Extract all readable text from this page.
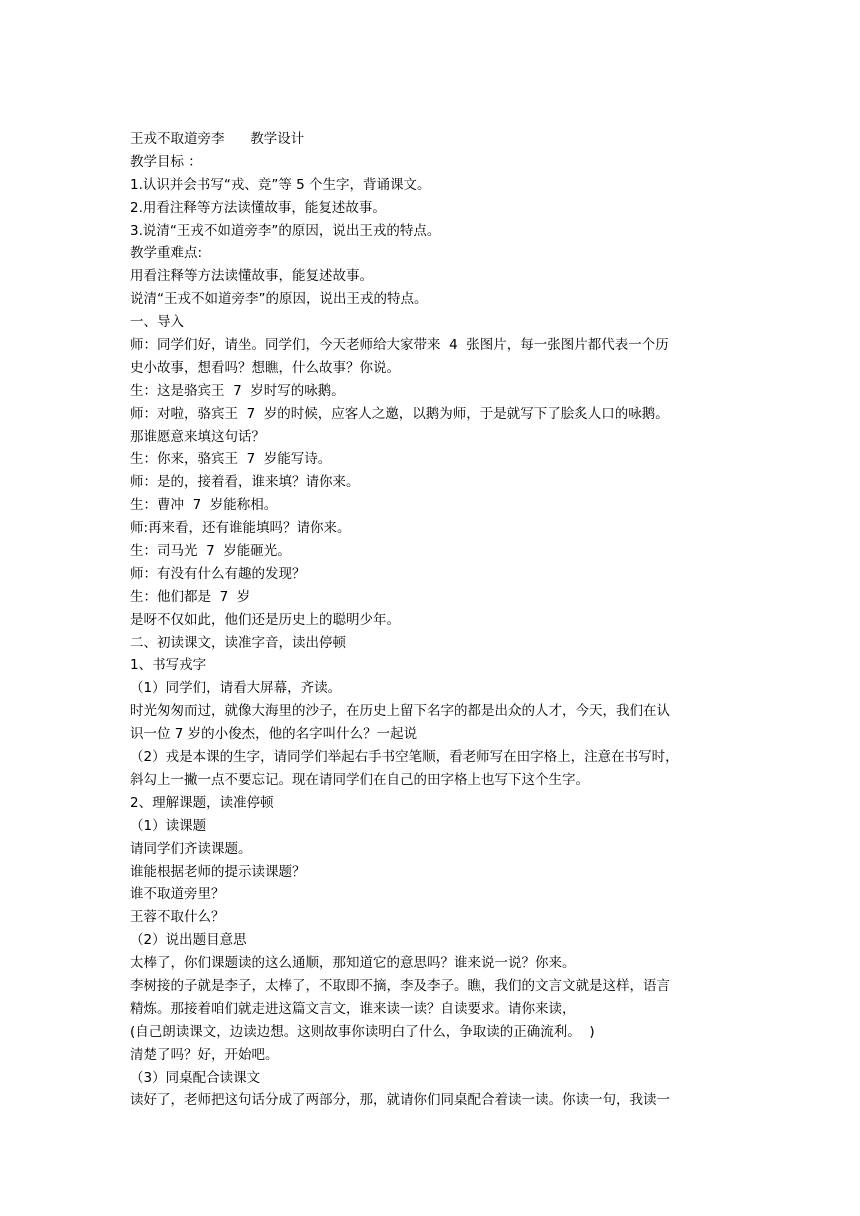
王戎不取道旁李      教学设计
教学目标 ：
1.认识并会书写“戎、竞”等 5 个生字，背诵课文。
2.用看注释等方法读懂故事，能复述故事。
3.说清“王戎不如道旁李”的原因，说出王戎的特点。
教学重难点:
用看注释等方法读懂故事，能复述故事。
说清“王戎不如道旁李”的原因，说出王戎的特点。
一、导入
师：同学们好，请坐。同学们，今天老师给大家带来  4  张图片，每一张图片都代表一个历
史小故事，想看吗？想瞧，什么故事？你说。
生：这是骆宾王  7  岁时写的咏鹅。
师：对啦，骆宾王  7  岁的时候，应客人之邀，以鹅为师，于是就写下了脍炙人口的咏鹅。
那谁愿意来填这句话？
生：你来，骆宾王  7  岁能写诗。
师：是的，接着看，谁来填？请你来。
生：曹冲  7  岁能称相。
师:再来看，还有谁能填吗？请你来。
生：司马光  7  岁能砸光。
师：有没有什么有趣的发现？
生：他们都是  7  岁
是呀不仅如此，他们还是历史上的聪明少年。
二、初读课文，读准字音，读出停顿
1、书写戎字
（1）同学们，请看大屏幕，齐读。
时光匆匆而过，就像大海里的沙子，在历史上留下名字的都是出众的人才，今天，我们在认
识一位 7 岁的小俊杰，他的名字叫什么？一起说
（2）戎是本课的生字，请同学们举起右手书空笔顺，看老师写在田字格上，注意在书写时，
斜勾上一撇一点不要忘记。现在请同学们在自己的田字格上也写下这个生字。
2、理解课题，读准停顿
（1）读课题
请同学们齐读课题。
谁能根据老师的提示读课题？
谁不取道旁里？
王蓉不取什么？
（2）说出题目意思
太棒了，你们课题读的这么通顺，那知道它的意思吗？谁来说一说？你来。
李树接的子就是李子，太棒了，不取即不摘，李及李子。瞧，我们的文言文就是这样，语言
精炼。那接着咱们就走进这篇文言文，谁来读一读？自读要求。请你来读，
(自己朗读课文，边读边想。这则故事你读明白了什么，争取读的正确流利。  )
清楚了吗？好，开始吧。
（3）同桌配合读课文
读好了，老师把这句话分成了两部分，那，就请你们同桌配合着读一读。你读一句，我读一
